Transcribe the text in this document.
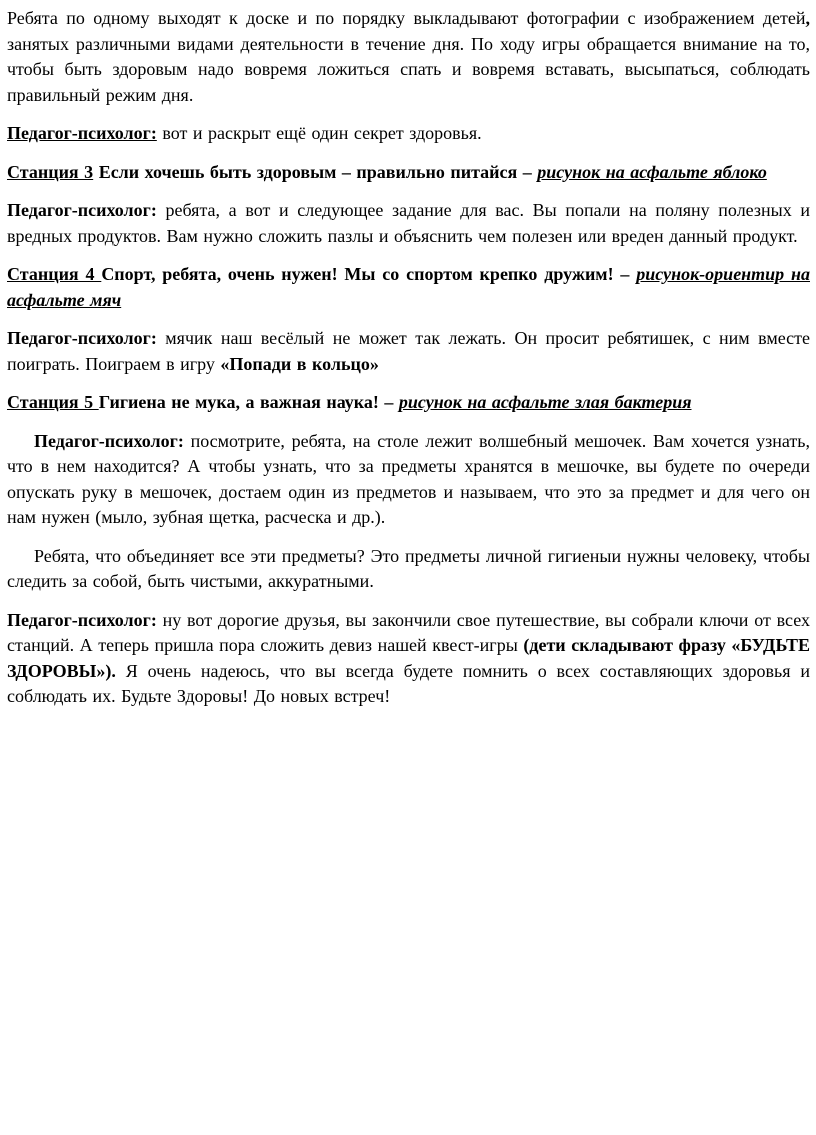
Ребята по одному выходят к доске и по порядку выкладывают фотографии с изображением детей, занятых различными видами деятельности в течение дня. По ходу игры обращается внимание на то, чтобы быть здоровым надо вовремя ложиться спать и вовремя вставать, высыпаться, соблюдать правильный режим дня.

Педагог-психолог: вот и раскрыт ещё один секрет здоровья.

Станция 3 Если хочешь быть здоровым – правильно питайся – рисунок на асфальте яблоко

Педагог-психолог: ребята, а вот и следующее задание для вас. Вы попали на поляну полезных и вредных продуктов. Вам нужно сложить пазлы и объяснить чем полезен или вреден данный продукт.

Станция 4 Спорт, ребята, очень нужен! Мы со спортом крепко дружим! – рисунок-ориентир на асфальте мяч

Педагог-психолог: мячик наш весёлый не может так лежать. Он просит ребятишек, с ним вместе поиграть. Поиграем в игру «Попади в кольцо»

Станция 5 Гигиена не мука, а важная наука! – рисунок на асфальте злая бактерия

Педагог-психолог: посмотрите, ребята, на столе лежит волшебный мешочек. Вам хочется узнать, что в нем находится? А чтобы узнать, что за предметы хранятся в мешочке, вы будете по очереди опускать руку в мешочек, достаем один из предметов и называем, что это за предмет и для чего он нам нужен (мыло, зубная щетка, расческа и др.).

Ребята, что объединяет все эти предметы? Это предметы личной гигиеныи нужны человеку, чтобы следить за собой, быть чистыми, аккуратными.

Педагог-психолог: ну вот дорогие друзья, вы закончили свое путешествие, вы собрали ключи от всех станций. А теперь пришла пора сложить девиз нашей квест-игры (дети складывают фразу «БУДЬТЕ ЗДОРОВЫ»). Я очень надеюсь, что вы всегда будете помнить о всех составляющих здоровья и соблюдать их. Будьте Здоровы! До новых встреч!
